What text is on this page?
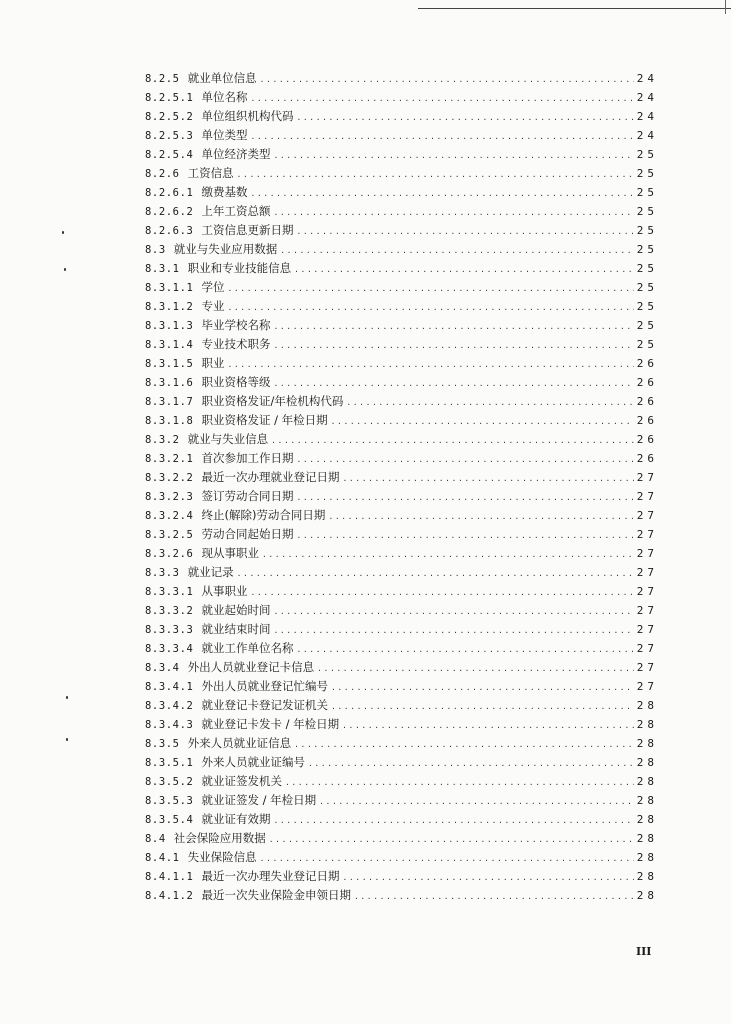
8.2.5 就业单位信息 .....	24
8.2.5.1 单位名称 .....	24
8.2.5.2 单位组织机构代码 .....	24
8.2.5.3 单位类型 .....	24
8.2.5.4 单位经济类型 .....	25
8.2.6 工资信息 .....	25
8.2.6.1 缴费基数 .....	25
8.2.6.2 上年工资总额 .....	25
8.2.6.3 工资信息更新日期 .....	25
8.3 就业与失业应用数据 .....	25
8.3.1 职业和专业技能信息 .....	25
8.3.1.1 学位 .....	25
8.3.1.2 专业 .....	25
8.3.1.3 毕业学校名称 .....	25
8.3.1.4 专业技术职务 .....	25
8.3.1.5 职业 .....	26
8.3.1.6 职业资格等级 .....	26
8.3.1.7 职业资格发证/年检机构代码 .....	26
8.3.1.8 职业资格发证 / 年检日期 .....	26
8.3.2 就业与失业信息 .....	26
8.3.2.1 首次参加工作日期 .....	26
8.3.2.2 最近一次办理就业登记日期 .....	27
8.3.2.3 签订劳动合同日期 .....	27
8.3.2.4 终止(解除)劳动合同日期 .....	27
8.3.2.5 劳动合同起始日期 .....	27
8.3.2.6 现从事职业 .....	27
8.3.3 就业记录 .....	27
8.3.3.1 从事职业 .....	27
8.3.3.2 就业起始时间 .....	27
8.3.3.3 就业结束时间 .....	27
8.3.3.4 就业工作单位名称 .....	27
8.3.4 外出人员就业登记卡信息 .....	27
8.3.4.1 外出人员就业登记忙编号 .....	27
8.3.4.2 就业登记卡登记发证机关 .....	28
8.3.4.3 就业登记卡发卡 / 年检日期 .....	28
8.3.5 外来人员就业证信息 .....	28
8.3.5.1 外来人员就业证编号 .....	28
8.3.5.2 就业证签发机关 .....	28
8.3.5.3 就业证签发 / 年检日期 .....	28
8.3.5.4 就业证有效期 .....	28
8.4 社会保险应用数据 .....	28
8.4.1 失业保险信息 .....	28
8.4.1.1 最近一次办理失业登记日期 .....	28
8.4.1.2 最近一次失业保险金申领日期 .....	28
III
